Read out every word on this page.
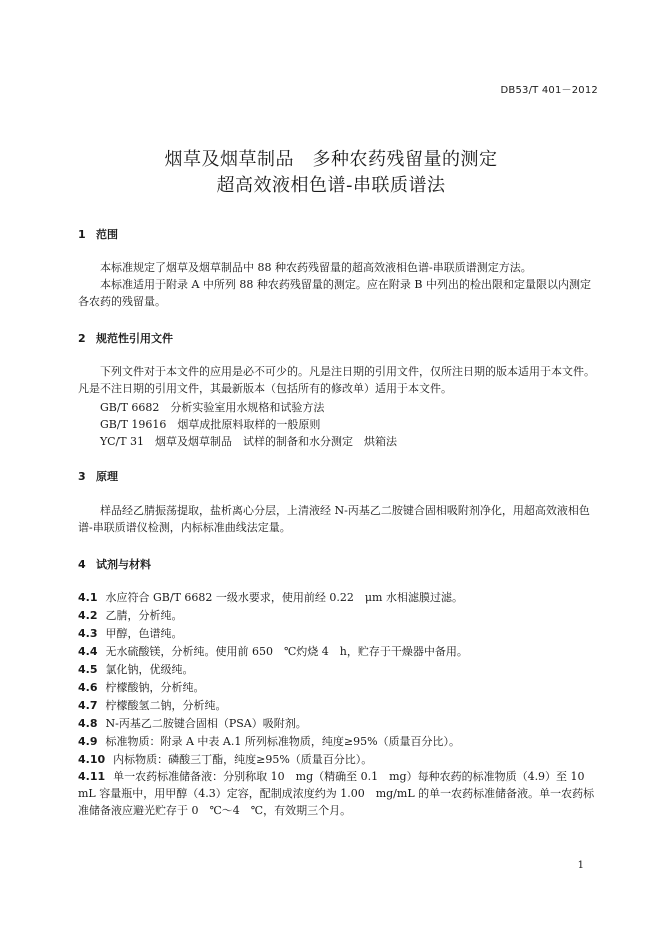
DB53/T 401－2012
烟草及烟草制品　多种农药残留量的测定
超高效液相色谱-串联质谱法
1 范围
本标准规定了烟草及烟草制品中 88 种农药残留量的超高效液相色谱-串联质谱测定方法。
本标准适用于附录 A 中所列 88 种农药残留量的测定。应在附录 B 中列出的检出限和定量限以内测定各农药的残留量。
2 规范性引用文件
下列文件对于本文件的应用是必不可少的。凡是注日期的引用文件，仅所注日期的版本适用于本文件。凡是不注日期的引用文件，其最新版本（包括所有的修改单）适用于本文件。
GB/T 6682　分析实验室用水规格和试验方法
GB/T 19616　烟草成批原料取样的一般原则
YC/T 31　烟草及烟草制品　试样的制备和水分测定　烘箱法
3 原理
样品经乙腈振荡提取，盐析离心分层，上清液经 N-丙基乙二胺键合固相吸附剂净化，用超高效液相色谱-串联质谱仪检测，内标标准曲线法定量。
4 试剂与材料
4.1 水应符合 GB/T 6682 一级水要求，使用前经 0.22　μm 水相滤膜过滤。
4.2 乙腈，分析纯。
4.3 甲醇，色谱纯。
4.4 无水硫酸镁，分析纯。使用前 650　℃灼烧 4　h，贮存于干燥器中备用。
4.5 氯化钠，优级纯。
4.6 柠檬酸钠，分析纯。
4.7 柠檬酸氢二钠，分析纯。
4.8 N-丙基乙二胺键合固相（PSA）吸附剂。
4.9 标准物质：附录 A 中表 A.1 所列标准物质，纯度≥95%（质量百分比）。
4.10 内标物质：磷酸三丁酯，纯度≥95%（质量百分比）。
4.11 单一农药标准储备液：分别称取 10　mg（精确至 0.1　mg）每种农药的标准物质（4.9）至 10　mL 容量瓶中，用甲醇（4.3）定容，配制成浓度约为 1.00　mg/mL 的单一农药标准储备液。单一农药标准储备液应避光贮存于 0　℃～4　℃，有效期三个月。
1
